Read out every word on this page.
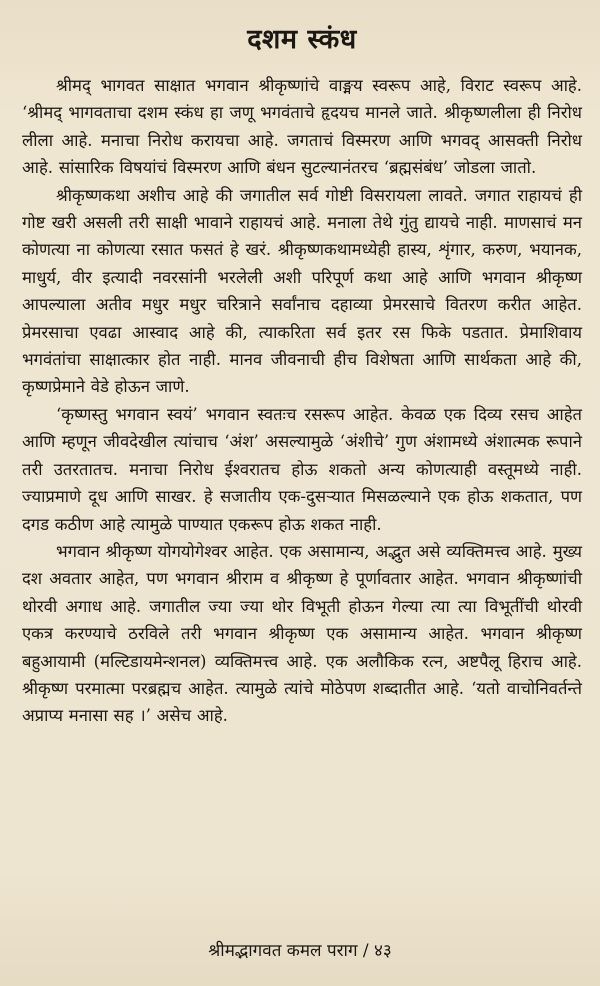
दशम स्कंध

श्रीमद् भागवत साक्षात भगवान श्रीकृष्णांचे वाङ्मय स्वरूप आहे, विराट स्वरूप आहे. ‘श्रीमद् भागवताचा दशम स्कंध हा जणू भगवंताचे हृदयच मानले जाते. श्रीकृष्णलीला ही निरोध लीला आहे. मनाचा निरोध करायचा आहे. जगताचं विस्मरण आणि भगवद् आसक्ती निरोध आहे. सांसारिक विषयांचं विस्मरण आणि बंधन सुटल्यानंतरच ‘ब्रह्मसंबंध’ जोडला जातो.

श्रीकृष्णकथा अशीच आहे की जगातील सर्व गोष्टी विसरायला लावते. जगात राहायचं ही गोष्ट खरी असली तरी साक्षी भावाने राहायचं आहे. मनाला तेथे गुंतु द्यायचे नाही. माणसाचं मन कोणत्या ना कोणत्या रसात फसतं हे खरं. श्रीकृष्णकथामध्येही हास्य, शृंगार, करुण, भयानक, माधुर्य, वीर इत्यादी नवरसांनी भरलेली अशी परिपूर्ण कथा आहे आणि भगवान श्रीकृष्ण आपल्याला अतीव मधुर मधुर चरित्राने सर्वांनाच दहाव्या प्रेमरसाचे वितरण करीत आहेत. प्रेमरसाचा एवढा आस्वाद आहे की, त्याकरिता सर्व इतर रस फिके पडतात. प्रेमाशिवाय भगवंतांचा साक्षात्कार होत नाही. मानव जीवनाची हीच विशेषता आणि सार्थकता आहे की, कृष्णप्रेमाने वेडे होऊन जाणे.

‘कृष्णस्तु भगवान स्वयं’ भगवान स्वतःच रसरूप आहेत. केवळ एक दिव्य रसच आहेत आणि म्हणून जीवदेखील त्यांचाच ‘अंश’ असल्यामुळे ‘अंशीचे’ गुण अंशामध्ये अंशात्मक रूपाने तरी उतरतातच. मनाचा निरोध ईश्वरातच होऊ शकतो अन्य कोणत्याही वस्तूमध्ये नाही. ज्याप्रमाणे दूध आणि साखर. हे सजातीय एक-दुसऱ्यात मिसळल्याने एक होऊ शकतात, पण दगड कठीण आहे त्यामुळे पाण्यात एकरूप होऊ शकत नाही.

भगवान श्रीकृष्ण योगयोगेश्वर आहेत. एक असामान्य, अद्भुत असे व्यक्तिमत्त्व आहे. मुख्य दश अवतार आहेत, पण भगवान श्रीराम व श्रीकृष्ण हे पूर्णावतार आहेत. भगवान श्रीकृष्णांची थोरवी अगाध आहे. जगातील ज्या ज्या थोर विभूती होऊन गेल्या त्या त्या विभूतींची थोरवी एकत्र करण्याचे ठरविले तरी भगवान श्रीकृष्ण एक असामान्य आहेत. भगवान श्रीकृष्ण बहुआयामी (मल्टिडायमेन्शनल) व्यक्तिमत्त्व आहे. एक अलौकिक रत्न, अष्टपैलू हिराच आहे. श्रीकृष्ण परमात्मा परब्रह्मच आहेत. त्यामुळे त्यांचे मोठेपण शब्दातीत आहे. ‘यतो वाचोनिवर्तन्ते अप्राप्य मनासा सह ।’ असेच आहे.

श्रीमद्भागवत कमल पराग / ४३
